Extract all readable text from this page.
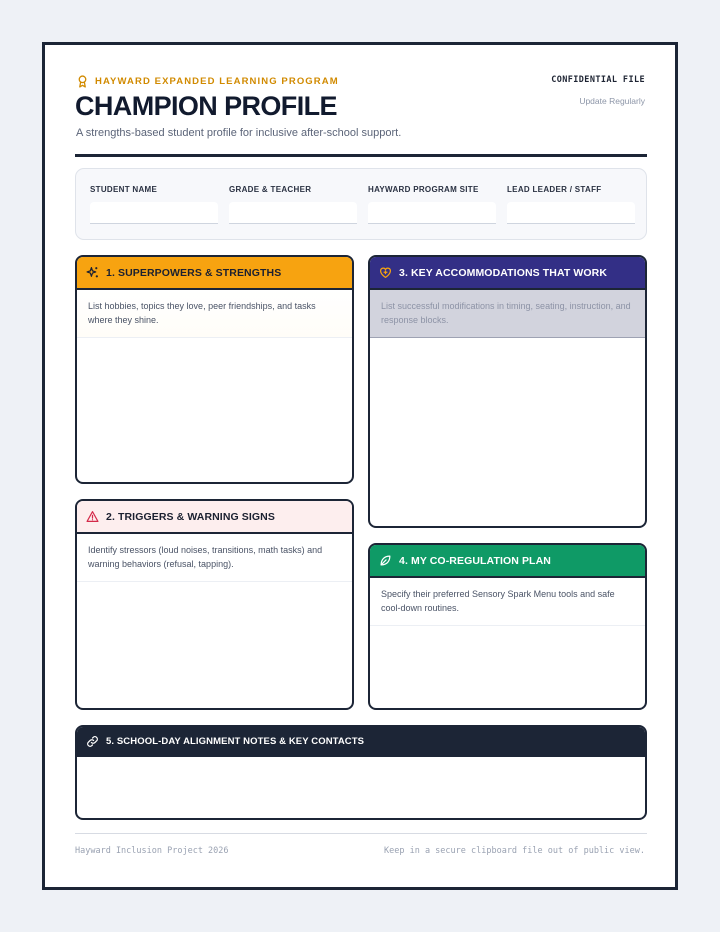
HAYWARD EXPANDED LEARNING PROGRAM	CONFIDENTIAL FILE
Update Regularly
CHAMPION PROFILE
A strengths-based student profile for inclusive after-school support.
STUDENT NAME	GRADE & TEACHER	HAYWARD PROGRAM SITE	LEAD LEADER / STAFF
1. SUPERPOWERS & STRENGTHS
List hobbies, topics they love, peer friendships, and tasks where they shine.
2. TRIGGERS & WARNING SIGNS
Identify stressors (loud noises, transitions, math tasks) and warning behaviors (refusal, tapping).
3. KEY ACCOMMODATIONS THAT WORK
List successful modifications in timing, seating, instruction, and response blocks.
4. MY CO-REGULATION PLAN
Specify their preferred Sensory Spark Menu tools and safe cool-down routines.
5. SCHOOL-DAY ALIGNMENT NOTES & KEY CONTACTS
Hayward Inclusion Project 2026	Keep in a secure clipboard file out of public view.
